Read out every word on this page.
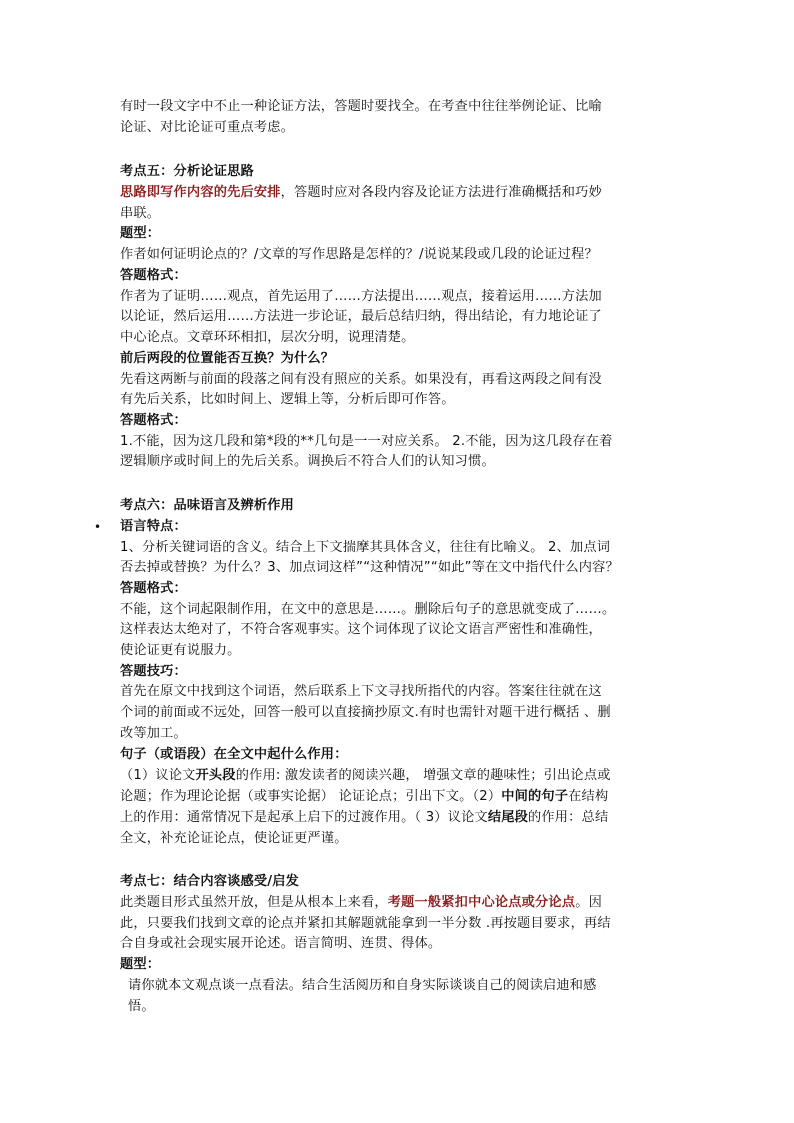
有时一段文字中不止一种论证方法，答题时要找全。在考查中往往举例论证、比喻
论证、对比论证可重点考虑。
考点五：分析论证思路
思路即写作内容的先后安排，答题时应对各段内容及论证方法进行准确概括和巧妙
串联。
题型：
作者如何证明论点的？/文章的写作思路是怎样的？/说说某段或几段的论证过程？
答题格式：
作者为了证明……观点，首先运用了……方法提出……观点，接着运用……方法加
以论证，然后运用……方法进一步论证，最后总结归纳，得出结论，有力地论证了
中心论点。文章环环相扣，层次分明，说理清楚。
前后两段的位置能否互换？为什么？
先看这两断与前面的段落之间有没有照应的关系。如果没有，再看这两段之间有没
有先后关系，比如时间上、逻辑上等，分析后即可作答。
答题格式：
1.不能，因为这几段和第*段的**几句是一一对应关系。 2.不能，因为这几段存在着
逻辑顺序或时间上的先后关系。调换后不符合人们的认知习惯。
考点六：品味语言及辨析作用
• 语言特点：
1、分析关键词语的含义。结合上下文揣摩其具体含义，往往有比喻义。 2、加点词
否去掉或替换？为什么？3、加点词这样”“这种情况”“如此”等在文中指代什么内容？
答题格式：
不能，这个词起限制作用，在文中的意思是……。删除后句子的意思就变成了……。
这样表达太绝对了，不符合客观事实。这个词体现了议论文语言严密性和准确性，
使论证更有说服力。
答题技巧：
首先在原文中找到这个词语，然后联系上下文寻找所指代的内容。答案往往就在这
个词的前面或不远处，回答一般可以直接摘抄原文.有时也需针对题干进行概括 、删
改等加工。
句子（或语段）在全文中起什么作用：
（1）议论文开头段的作用: 激发读者的阅读兴趣， 增强文章的趣味性；引出论点或
论题；作为理论论据（或事实论据） 论证论点；引出下文。（2）中间的句子在结构
上的作用：通常情况下是起承上启下的过渡作用。（ 3）议论文结尾段的作用：总结
全文，补充论证论点，使论证更严谨。
考点七：结合内容谈感受/启发
此类题目形式虽然开放，但是从根本上来看，考题一般紧扣中心论点或分论点。因
此，只要我们找到文章的论点并紧扣其解题就能拿到一半分数 .再按题目要求，再结
合自身或社会现实展开论述。语言简明、连贯、得体。
题型：
请你就本文观点谈一点看法。结合生活阅历和自身实际谈谈自己的阅读启迪和感
悟。
